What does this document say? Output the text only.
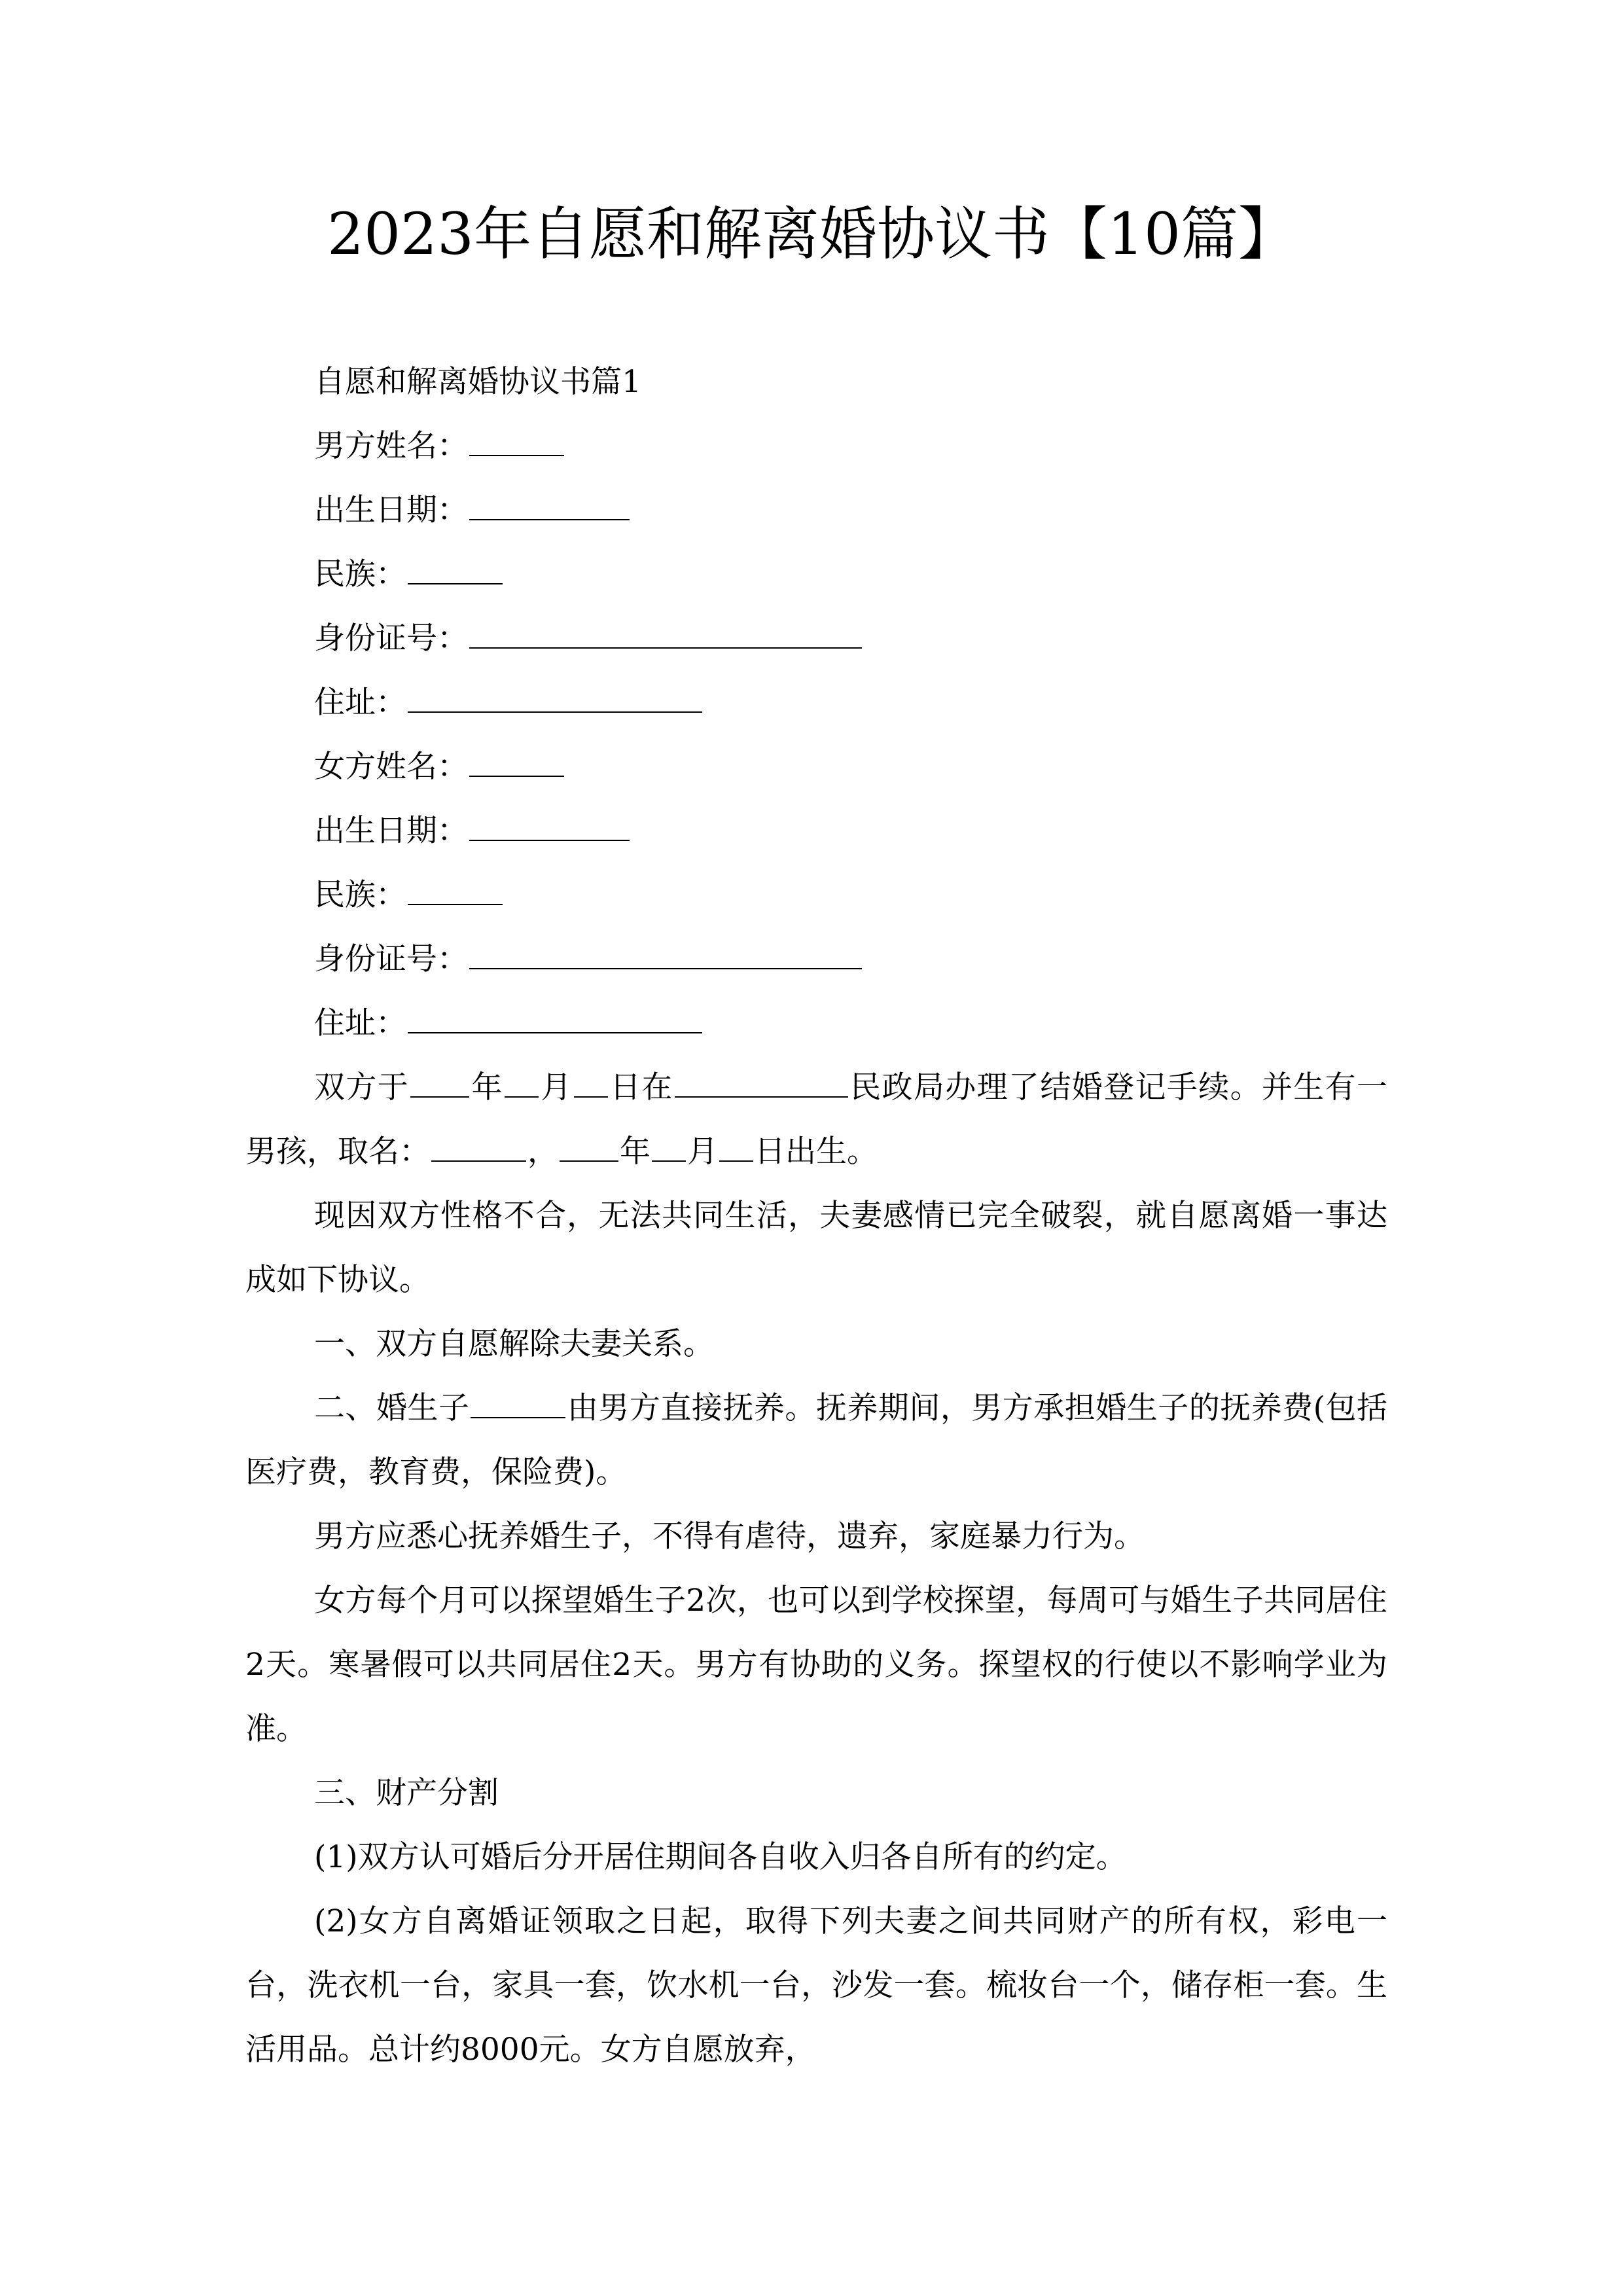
2023年自愿和解离婚协议书【10篇】

自愿和解离婚协议书篇1

男方姓名：

出生日期：

民族：

身份证号：

住址：

女方姓名：

出生日期：

民族：

身份证号：

住址：

双方于 年 月 日在	民政局办理了结婚登记手续。并生有一男孩，取名：	， 年 月 日出生。

现因双方性格不合，无法共同生活，夫妻感情已完全破裂，就自愿离婚一事达成如下协议。

一、双方自愿解除夫妻关系。

二、婚生子	由男方直接抚养。抚养期间，男方承担婚生子的抚养费(包括医疗费，教育费，保险费)。

男方应悉心抚养婚生子，不得有虐待，遗弃，家庭暴力行为。

女方每个月可以探望婚生子2次，也可以到学校探望，每周可与婚生子共同居住2天。寒暑假可以共同居住2天。男方有协助的义务。探望权的行使以不影响学业为准。

三、财产分割

(1)双方认可婚后分开居住期间各自收入归各自所有的约定。

(2)女方自离婚证领取之日起，取得下列夫妻之间共同财产的所有权，彩电一台，洗衣机一台，家具一套，饮水机一台，沙发一套。梳妆台一个，储存柜一套。生活用品。总计约8000元。女方自愿放弃，
